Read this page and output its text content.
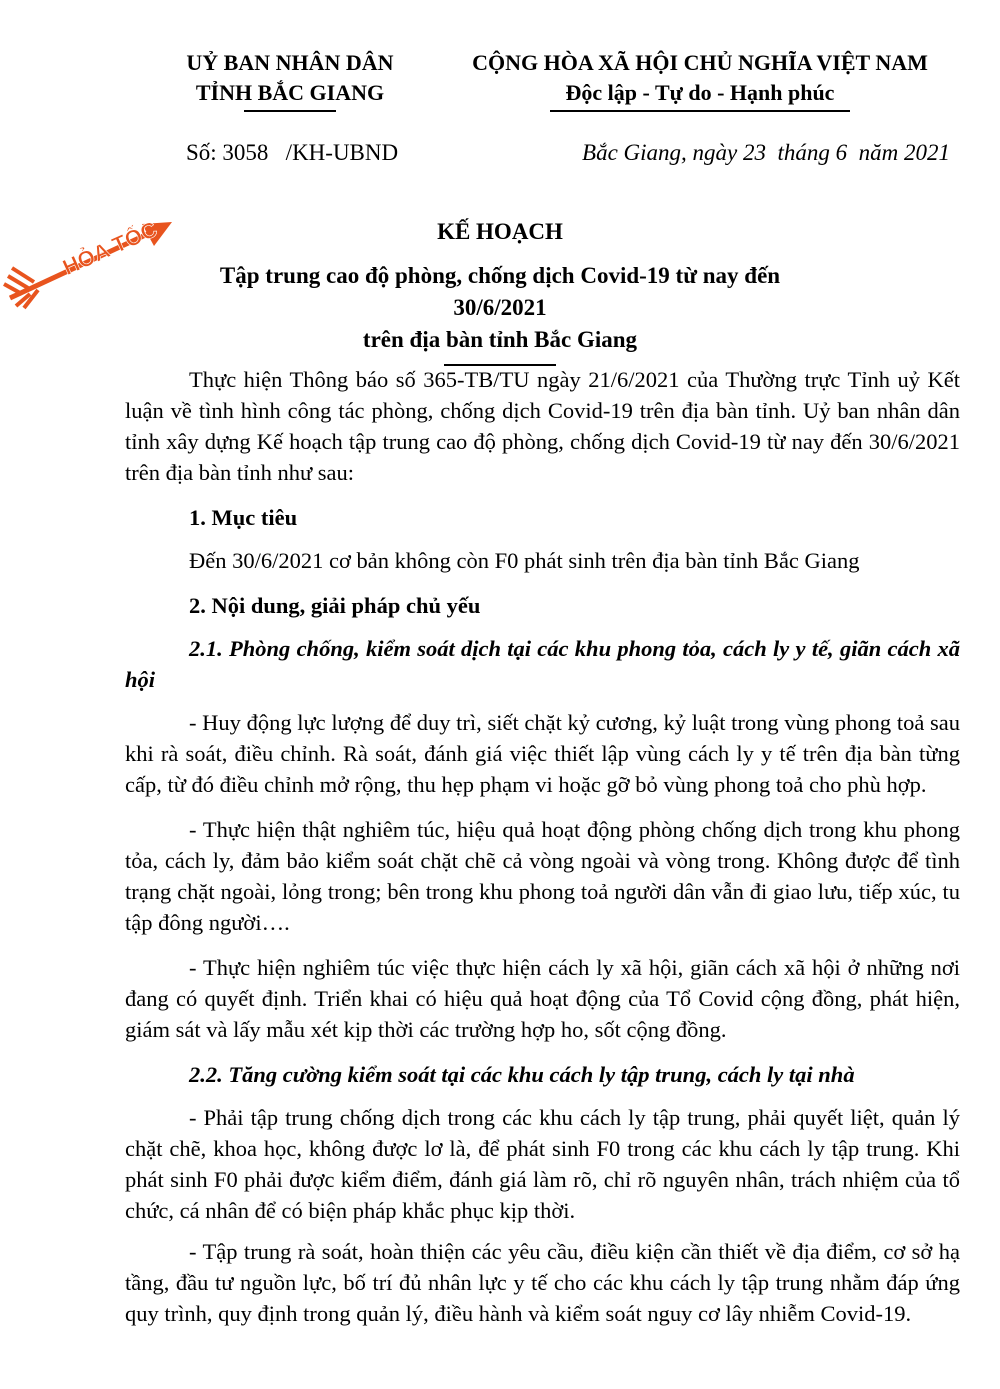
UỶ BAN NHÂN DÂN
TỈNH BẮC GIANG
CỘNG HÒA XÃ HỘI CHỦ NGHĨA VIỆT NAM
Độc lập - Tự do - Hạnh phúc
Số: 3058   /KH-UBND	Bắc Giang, ngày 23  tháng 6  năm 2021
HỎA TỐC	KẾ HOẠCH
Tập trung cao độ phòng, chống dịch Covid-19 từ nay đến 30/6/2021
trên địa bàn tỉnh Bắc Giang

Thực hiện Thông báo số 365-TB/TU ngày 21/6/2021 của Thường trực Tỉnh uỷ Kết luận về tình hình công tác phòng, chống dịch Covid-19 trên địa bàn tỉnh. Uỷ ban nhân dân tỉnh xây dựng Kế hoạch tập trung cao độ phòng, chống dịch Covid-19 từ nay đến 30/6/2021 trên địa bàn tỉnh như sau:

1. Mục tiêu

Đến 30/6/2021 cơ bản không còn F0 phát sinh trên địa bàn tỉnh Bắc Giang

2. Nội dung, giải pháp chủ yếu

2.1. Phòng chống, kiểm soát dịch tại các khu phong tỏa, cách ly y tế, giãn cách xã hội

- Huy động lực lượng để duy trì, siết chặt kỷ cương, kỷ luật trong vùng phong toả sau khi rà soát, điều chỉnh. Rà soát, đánh giá việc thiết lập vùng cách ly y tế trên địa bàn từng cấp, từ đó điều chỉnh mở rộng, thu hẹp phạm vi hoặc gỡ bỏ vùng phong toả cho phù hợp.

- Thực hiện thật nghiêm túc, hiệu quả hoạt động phòng chống dịch trong khu phong tỏa, cách ly, đảm bảo kiểm soát chặt chẽ cả vòng ngoài và vòng trong. Không được để tình trạng chặt ngoài, lỏng trong; bên trong khu phong toả người dân vẫn đi giao lưu, tiếp xúc, tu tập đông người….

- Thực hiện nghiêm túc việc thực hiện cách ly xã hội, giãn cách xã hội ở những nơi đang có quyết định. Triển khai có hiệu quả hoạt động của Tổ Covid cộng đồng, phát hiện, giám sát và lấy mẫu xét kịp thời các trường hợp ho, sốt cộng đồng.

2.2. Tăng cường kiểm soát tại các khu cách ly tập trung, cách ly tại nhà

- Phải tập trung chống dịch trong các khu cách ly tập trung, phải quyết liệt, quản lý chặt chẽ, khoa học, không được lơ là, để phát sinh F0 trong các khu cách ly tập trung. Khi phát sinh F0 phải được kiểm điểm, đánh giá làm rõ, chỉ rõ nguyên nhân, trách nhiệm của tổ chức, cá nhân để có biện pháp khắc phục kịp thời.

- Tập trung rà soát, hoàn thiện các yêu cầu, điều kiện cần thiết về địa điểm, cơ sở hạ tầng, đầu tư nguồn lực, bố trí đủ nhân lực y tế cho các khu cách ly tập trung nhằm đáp ứng quy trình, quy định trong quản lý, điều hành và kiểm soát nguy cơ lây nhiễm Covid-19.
